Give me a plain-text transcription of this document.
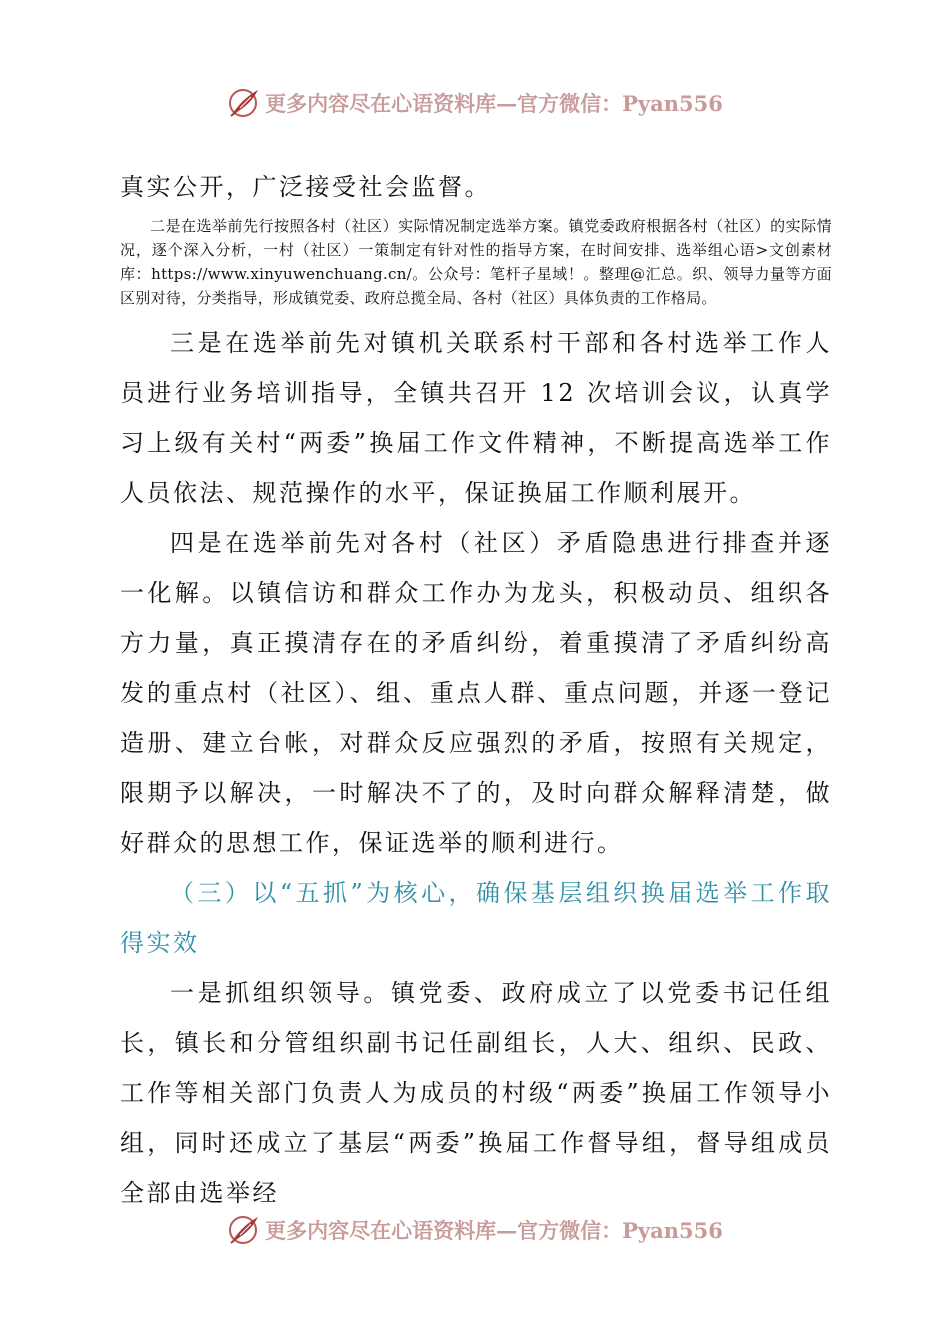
更多内容尽在心语资料库—官方微信：Pyan556

真实公开，广泛接受社会监督。

二是在选举前先行按照各村（社区）实际情况制定选举方案。镇党委政府根据各村（社区）的实际情况，逐个深入分析，一村（社区）一策制定有针对性的指导方案，在时间安排、选举组心语>文创素材库：https://www.xinyuwenchuang.cn/。公众号：笔杆子星域！。整理@汇总。织、领导力量等方面区别对待，分类指导，形成镇党委、政府总揽全局、各村（社区）具体负责的工作格局。

三是在选举前先对镇机关联系村干部和各村选举工作人员进行业务培训指导，全镇共召开 12 次培训会议，认真学习上级有关村“两委”换届工作文件精神，不断提高选举工作人员依法、规范操作的水平，保证换届工作顺利展开。

四是在选举前先对各村（社区）矛盾隐患进行排查并逐一化解。以镇信访和群众工作办为龙头，积极动员、组织各方力量，真正摸清存在的矛盾纠纷，着重摸清了矛盾纠纷高发的重点村（社区）、组、重点人群、重点问题，并逐一登记造册、建立台帐，对群众反应强烈的矛盾，按照有关规定，限期予以解决，一时解决不了的，及时向群众解释清楚，做好群众的思想工作，保证选举的顺利进行。

（三）以“五抓”为核心，确保基层组织换届选举工作取得实效

一是抓组织领导。镇党委、政府成立了以党委书记任组长，镇长和分管组织副书记任副组长，人大、组织、民政、工作等相关部门负责人为成员的村级“两委”换届工作领导小组，同时还成立了基层“两委”换届工作督导组，督导组成员全部由选举经

更多内容尽在心语资料库—官方微信：Pyan556
